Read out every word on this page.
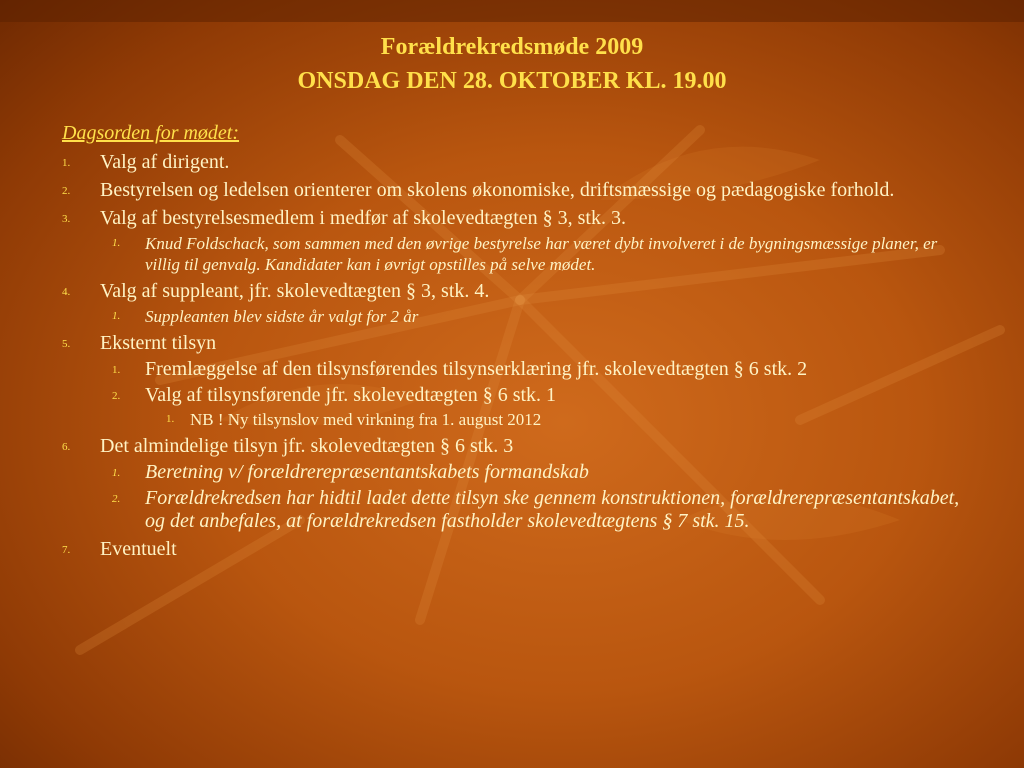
Forældrekredsmøde 2009
ONSDAG DEN 28. OKTOBER KL. 19.00
Dagsorden for mødet:
1. Valg af dirigent.
2. Bestyrelsen og ledelsen orienterer om skolens økonomiske, driftsmæssige og pædagogiske forhold.
3. Valg af bestyrelsesmedlem i medfør af skolevedtægten § 3, stk. 3.
1. Knud Foldschack, som sammen med den øvrige bestyrelse har været dybt involveret i de bygningsmæssige planer, er villig til genvalg. Kandidater kan i øvrigt opstilles på selve mødet.
4. Valg af suppleant, jfr. skolevedtægten § 3, stk. 4.
1. Suppleanten blev sidste år valgt for 2 år
5. Eksternt tilsyn
1. Fremlæggelse af den tilsynsførendes tilsynserklæring jfr. skolevedtægten § 6 stk. 2
2. Valg af tilsynsførende jfr. skolevedtægten § 6 stk. 1
1. NB ! Ny tilsynslov med virkning fra 1. august 2012
6. Det almindelige tilsyn jfr. skolevedtægten § 6 stk. 3
1. Beretning v/ forældrerepræsentantskabets formandskab
2. Forældrekredsen har hidtil ladet dette tilsyn ske gennem konstruktionen, forældrerepræsentantskabet, og det anbefales, at forældrekredsen fastholder skolevedtægtens § 7 stk. 15.
7. Eventuelt
